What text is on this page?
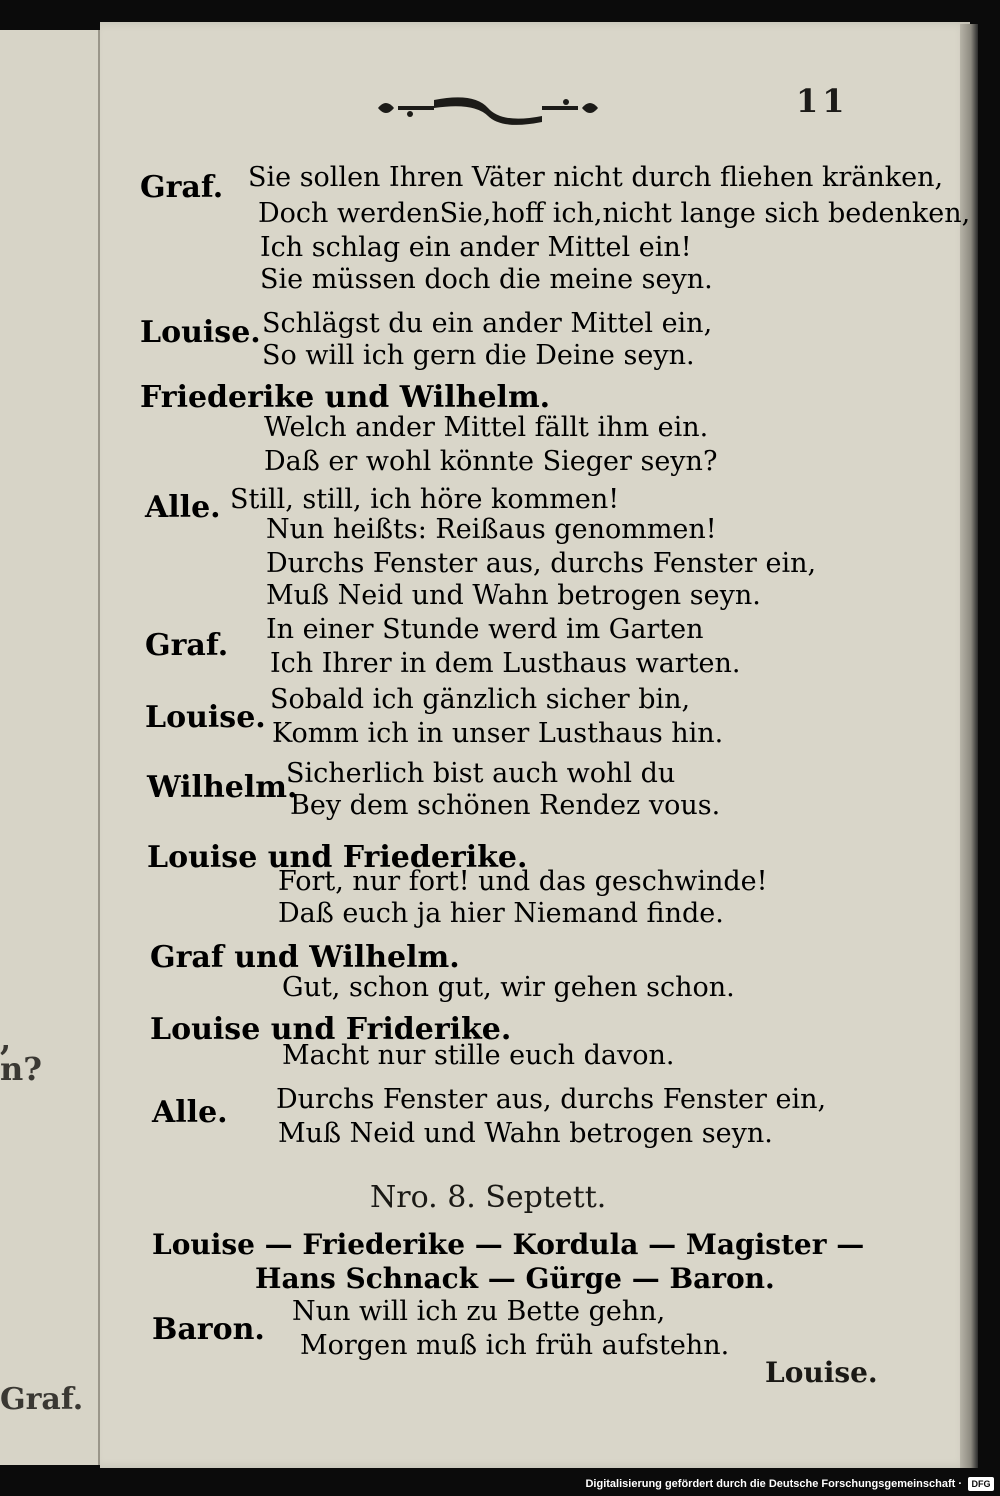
,
n?
Graf.
11
Graf. Sie sollen Ihren Väter nicht durch fliehen kränken,
Doch werdenSie,hoff ich,nicht lange sich bedenken,
Ich schlag ein ander Mittel ein!
Sie müssen doch die meine seyn.
Louise. Schlägst du ein ander Mittel ein,
So will ich gern die Deine seyn.
Friederike und Wilhelm.
Welch ander Mittel fällt ihm ein.
Daß er wohl könnte Sieger seyn?
Alle. Still, still, ich höre kommen!
Nun heißts: Reißaus genommen!
Durchs Fenster aus, durchs Fenster ein,
Muß Neid und Wahn betrogen seyn.
Graf. In einer Stunde werd im Garten
Ich Ihrer in dem Lusthaus warten.
Louise.
Sobald ich gänzlich sicher bin,
Komm ich in unser Lusthaus hin.
Wilhelm.
Sicherlich bist auch wohl du
Bey dem schönen Rendez vous.
Louise und Friederike.
Fort, nur fort! und das geschwinde!
Daß euch ja hier Niemand finde.
Graf und Wilhelm.
Gut, schon gut, wir gehen schon.
Louise und Friderike.
Macht nur stille euch davon.
Alle. Durchs Fenster aus, durchs Fenster ein,
Muß Neid und Wahn betrogen seyn.
Nro. 8. Septett.
Louise — Friederike — Kordula — Magister —
Hans Schnack — Gürge — Baron.
Baron.
Nun will ich zu Bette gehn,
Morgen muß ich früh aufstehn.
Louise.
Digitalisierung gefördert durch die Deutsche Forschungsgemeinschaft ·	DFG
